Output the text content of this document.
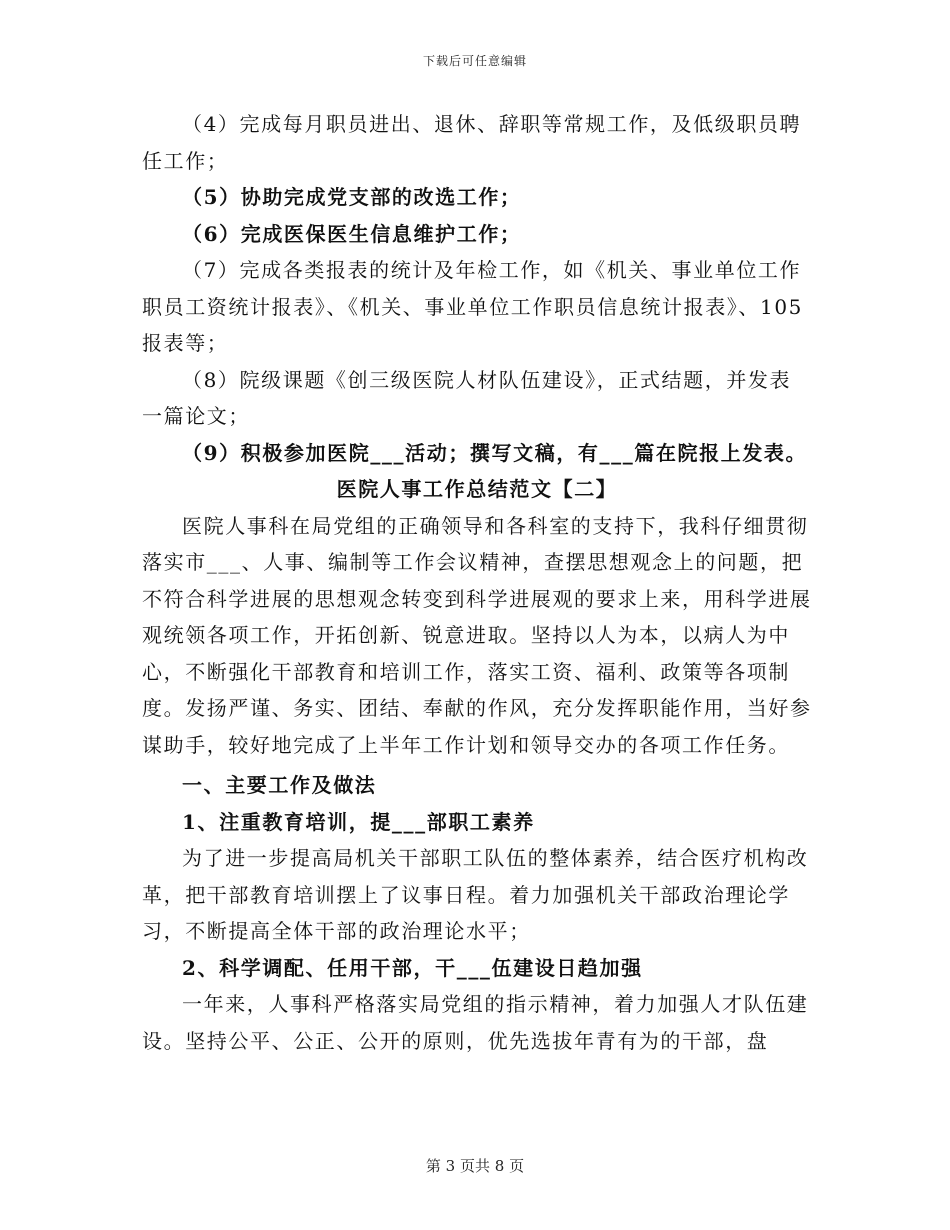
下载后可任意编辑

（4）完成每月职员进出、退休、辞职等常规工作，及低级职员聘任工作；

（5）协助完成党支部的改选工作；

（6）完成医保医生信息维护工作；

（7）完成各类报表的统计及年检工作，如《机关、事业单位工作职员工资统计报表》、《机关、事业单位工作职员信息统计报表》、105 报表等；

（8）院级课题《创三级医院人材队伍建设》，正式结题，并发表一篇论文；

（9）积极参加医院___活动；撰写文稿，有___篇在院报上发表。

医院人事工作总结范文【二】

医院人事科在局党组的正确领导和各科室的支持下，我科仔细贯彻落实市___、人事、编制等工作会议精神，查摆思想观念上的问题，把不符合科学进展的思想观念转变到科学进展观的要求上来，用科学进展观统领各项工作，开拓创新、锐意进取。坚持以人为本，以病人为中心，不断强化干部教育和培训工作，落实工资、福利、政策等各项制度。发扬严谨、务实、团结、奉献的作风，充分发挥职能作用，当好参谋助手，较好地完成了上半年工作计划和领导交办的各项工作任务。

一、主要工作及做法

1、注重教育培训，提___部职工素养

为了进一步提高局机关干部职工队伍的整体素养，结合医疗机构改革，把干部教育培训摆上了议事日程。着力加强机关干部政治理论学习，不断提高全体干部的政治理论水平；

2、科学调配、任用干部，干___伍建设日趋加强

一年来，人事科严格落实局党组的指示精神，着力加强人才队伍建设。坚持公平、公正、公开的原则，优先选拔年青有为的干部，盘

第 3 页共 8 页
